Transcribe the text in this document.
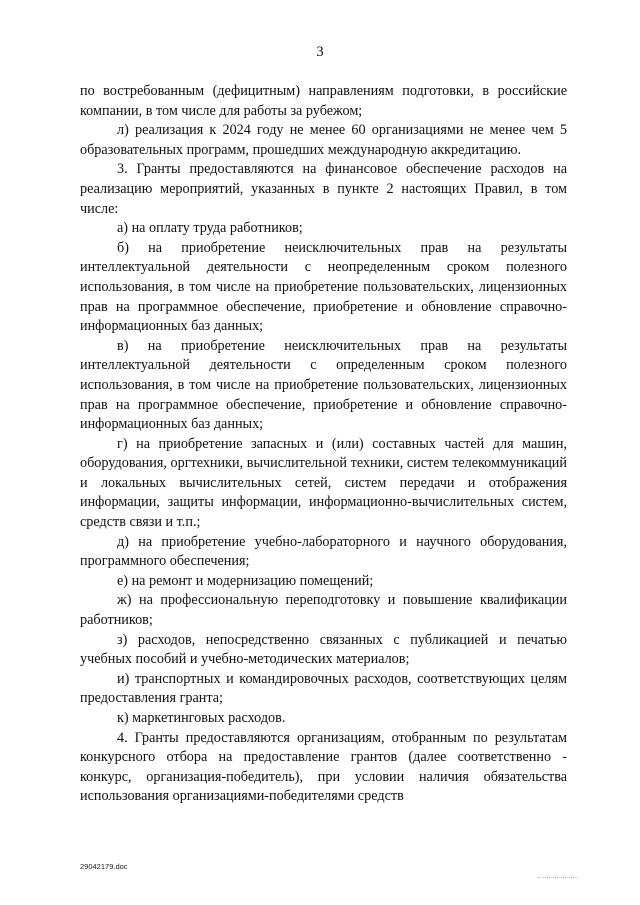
3

по востребованным (дефицитным) направлениям подготовки, в российские компании, в том числе для работы за рубежом;

л) реализация к 2024 году не менее 60 организациями не менее чем 5 образовательных программ, прошедших международную аккредитацию.

3. Гранты предоставляются на финансовое обеспечение расходов на реализацию мероприятий, указанных в пункте 2 настоящих Правил, в том числе:

а) на оплату труда работников;

б) на приобретение неисключительных прав на результаты интеллектуальной деятельности с неопределенным сроком полезного использования, в том числе на приобретение пользовательских, лицензионных прав на программное обеспечение, приобретение и обновление справочно-информационных баз данных;

в) на приобретение неисключительных прав на результаты интеллектуальной деятельности с определенным сроком полезного использования, в том числе на приобретение пользовательских, лицензионных прав на программное обеспечение, приобретение и обновление справочно-информационных баз данных;

г) на приобретение запасных и (или) составных частей для машин, оборудования, оргтехники, вычислительной техники, систем телекоммуникаций и локальных вычислительных сетей, систем передачи и отображения информации, защиты информации, информационно-вычислительных систем, средств связи и т.п.;

д) на приобретение учебно-лабораторного и научного оборудования, программного обеспечения;

е) на ремонт и модернизацию помещений;

ж) на профессиональную переподготовку и повышение квалификации работников;

з) расходов, непосредственно связанных с публикацией и печатью учебных пособий и учебно-методических материалов;

и) транспортных и командировочных расходов, соответствующих целям предоставления гранта;

к) маркетинговых расходов.

4. Гранты предоставляются организациям, отобранным по результатам конкурсного отбора на предоставление грантов (далее соответственно - конкурс, организация-победитель), при условии наличия обязательства использования организациями-победителями средств

29042179.doc
